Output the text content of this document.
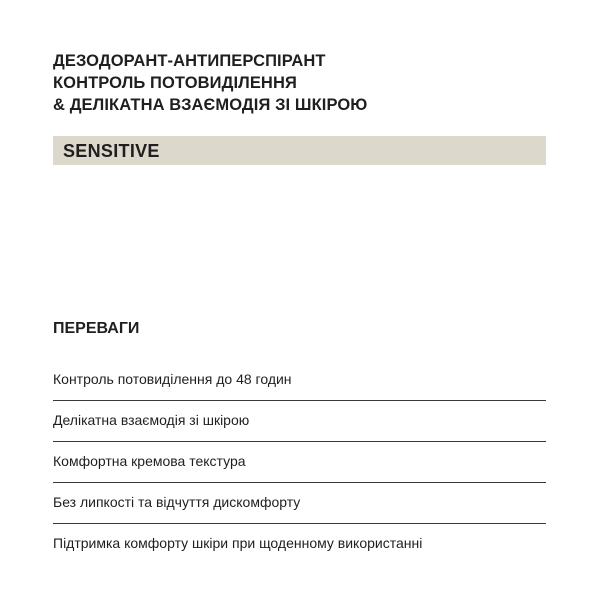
ДЕЗОДОРАНТ-АНТИПЕРСПІРАНТ
КОНТРОЛЬ ПОТОВИДІЛЕННЯ
& ДЕЛІКАТНА ВЗАЄМОДІЯ ЗІ ШКІРОЮ
SENSITIVE
ПЕРЕВАГИ
Контроль потовиділення до 48 годин
Делікатна взаємодія зі шкірою
Комфортна кремова текстура
Без липкості та відчуття дискомфорту
Підтримка комфорту шкіри при щоденному використанні
